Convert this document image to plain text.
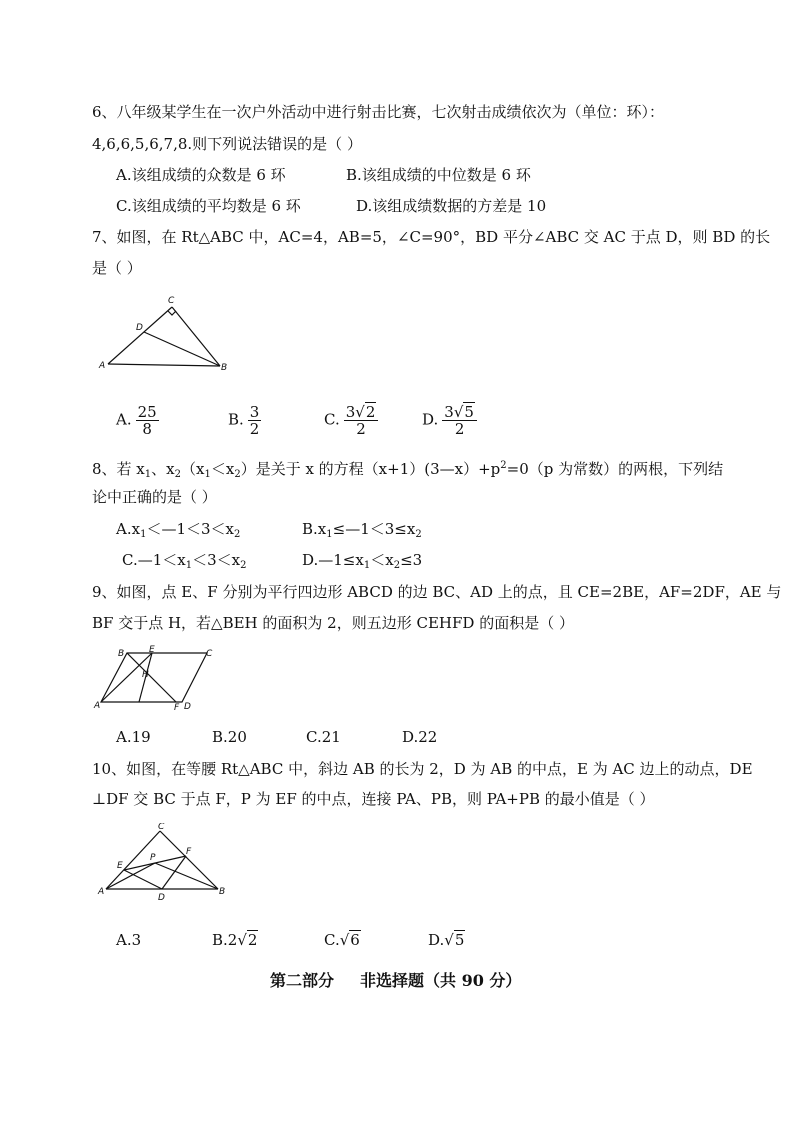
6、八年级某学生在一次户外活动中进行射击比赛，七次射击成绩依次为（单位：环）：
4,6,6,5,6,7,8.则下列说法错误的是（ ）
A.该组成绩的众数是 6 环	B.该组成绩的中位数是 6 环
C.该组成绩的平均数是 6 环	D.该组成绩数据的方差是 10
7、如图，在 Rt△ABC 中，AC=4，AB=5，∠C=90°，BD 平分∠ABC 交 AC 于点 D，则 BD 的长
是（ ）
C
D
A	B
A. $\frac{25}{8}$	B. $\frac{3}{2}$	C. $\frac{3√2}{2}$	D. $\frac{3√5}{2}$
8、若 $x_1$、$x_2(x_1<x_2)$是关于 x 的方程$(x+1)(3—x)+p^2=0(p$ 为常数）的两根，下列结
论中正确的是（ ）
$A.x_1<—1<3<x_2$	$B.x_1\le—1<3\le x_2$
$C.—1<x_1<3<x_2$	$D.—1\le x_1<x_2\le 3$
9、如图，点 E、F 分别为平行四边形 ABCD 的边 BC、AD 上的点，且 CE=2BE，AF=2DF，AE 与
BF 交于点 H，若△BEH 的面积为 2，则五边形 CEHFD 的面积是（ ）
B	E	C
H
A	F D
A.19	B.20	C.21	D.22
10、如图，在等腰 Rt△ABC 中，斜边 AB 的长为 2，D 为 AB 的中点，E 为 AC 边上的动点，DE
⊥DF 交 BC 于点 F，P 为 EF 的中点，连接 PA、PB，则 PA+PB 的最小值是（ ）
C
E
P
F
A
D
B
A.3	B.2√2	C.√6	D.√5
第二部分 非选择题（共 90 分）
